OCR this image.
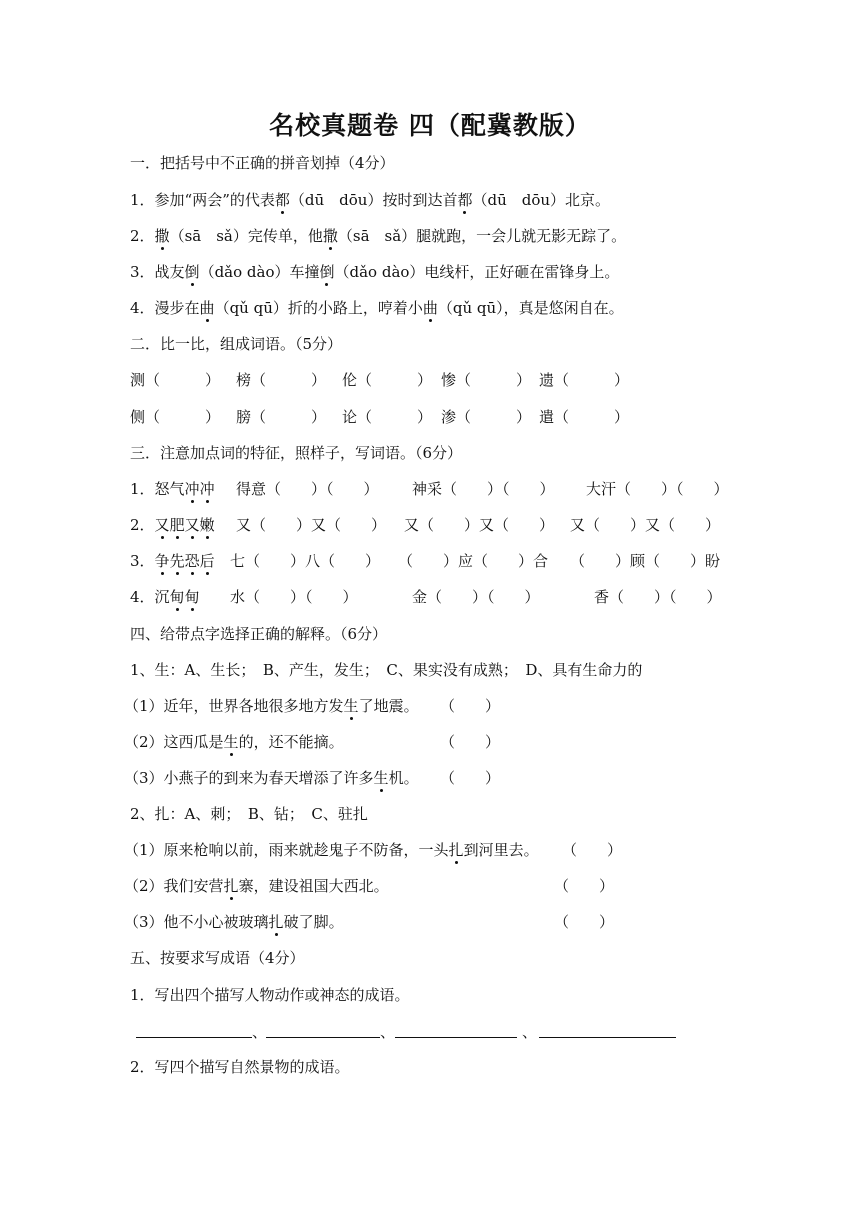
名校真题卷 四（配冀教版）
一．把括号中不正确的拼音划掉（4分）
1．参加“两会”的代表都（dū　dōu）按时到达首都（dū　dōu）北京。
2．撒（sā　sǎ）完传单，他撒（sā　sǎ）腿就跑，一会儿就无影无踪了。
3．战友倒（dǎo dào）车撞倒（dǎo dào）电线杆，正好砸在雷锋身上。
4．漫步在曲（qǔ qū）折的小路上，哼着小曲（qǔ qū），真是悠闲自在。
二．比一比，组成词语。（5分）
测（　　　） 榜（　　　） 伦（　　　） 惨（　　　） 遗（　　　）
侧（　　　） 膀（　　　） 论（　　　） 渗（　　　） 遣（　　　）
三．注意加点词的特征，照样子，写词语。（6分）
1．怒气冲冲 得意（　　）（　　） 神采（　　）（　　） 大汗（　　）（　　）
2．又肥又嫩 又（　　）又（　　） 又（　　）又（　　） 又（　　）又（　　）
3．争先恐后 七（　　）八（　　） （　　）应（　　）合 （　　）顾（　　）盼
4．沉甸甸 水（　　）（　　）	金（　　）（　　）	香（　　）（　　）
四、给带点字选择正确的解释。（6分）
1、生：A、生长；　B、产生，发生；　C、果实没有成熟；　D、具有生命力的
（1）近年，世界各地很多地方发生了地震。 （　　）
（2）这西瓜是生的，还不能摘。	（　　）
（3）小燕子的到来为春天增添了许多生机。 （　　）
2、扎：A、刺；　B、钻；　C、驻扎
（1）原来枪响以前，雨来就趁鬼子不防备，一头扎到河里去。 （　　）
（2）我们安营扎寨，建设祖国大西北。	（　　）
（3）他不小心被玻璃扎破了脚。	（　　）
五、按要求写成语（4分）
1．写出四个描写人物动作或神态的成语。
、	、	、
2．写四个描写自然景物的成语。
